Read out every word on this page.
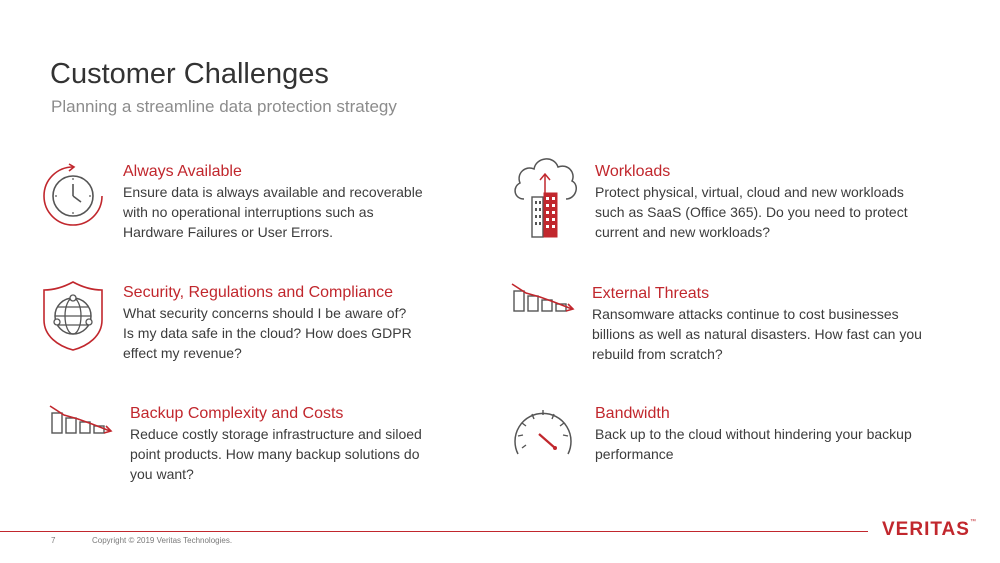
Customer Challenges
Planning a streamline data protection strategy
Always Available
Ensure data is always available and recoverable
with no operational interruptions such as
Hardware Failures or User Errors.
Workloads
Protect physical, virtual, cloud and new workloads
such as SaaS (Office 365). Do you need to protect
current and new workloads?
Security, Regulations and Compliance
What security concerns should I be aware of?
Is my data safe in the cloud? How does GDPR
effect my revenue?
External Threats
Ransomware attacks continue to cost businesses
billions as well as natural disasters. How fast can you
rebuild from scratch?
Backup Complexity and Costs
Reduce costly storage infrastructure and siloed
point products. How many backup solutions do
you want?
Bandwidth
Back up to the cloud without hindering your backup
performance
7	Copyright © 2019 Veritas Technologies.
VERITAS™
